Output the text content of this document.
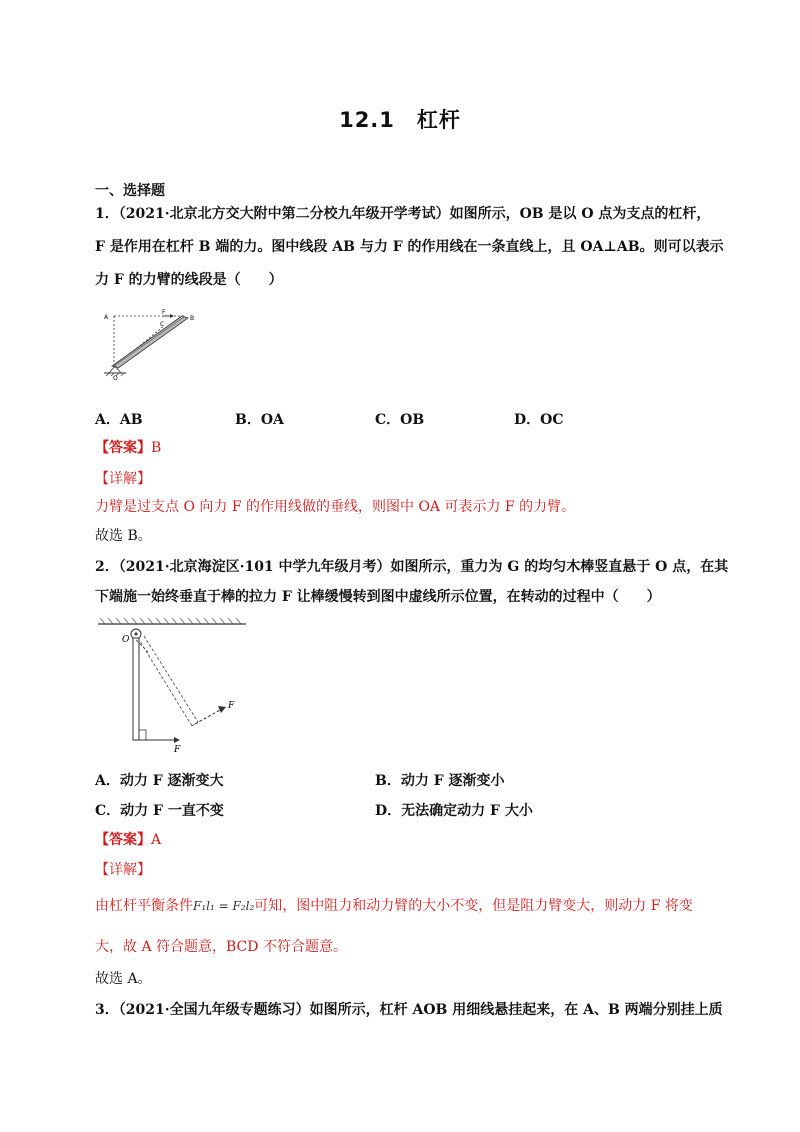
12.1 杠杆
一、选择题
1．（2021·北京北方交大附中第二分校九年级开学考试）如图所示，OB 是以 O 点为支点的杠杆，
F 是作用在杠杆 B 端的力。图中线段 AB 与力 F 的作用线在一条直线上，且 OA⊥AB。则可以表示
力 F 的力臂的线段是（　　）
A
F
C
B
O
A．AB	B．OA	C．OB	D．OC
【答案】B
【详解】
力臂是过支点 O 向力 F 的作用线做的垂线，则图中 OA 可表示力 F 的力臂。
故选 B。
2．（2021·北京海淀区·101 中学九年级月考）如图所示，重力为 G 的均匀木棒竖直悬于 O 点，在其
下端施一始终垂直于棒的拉力 F 让棒缓慢转到图中虚线所示位置，在转动的过程中（　　）
O
F
F
A．动力 F 逐渐变大	B．动力 F 逐渐变小
C．动力 F 一直不变	D．无法确定动力 F 大小
【答案】A
【详解】
由杠杆平衡条件F₁l₁ = F₂l₂可知，图中阻力和动力臂的大小不变，但是阻力臂变大，则动力 F 将变
大，故 A 符合题意，BCD 不符合题意。
故选 A。
3．（2021·全国九年级专题练习）如图所示，杠杆 AOB 用细线悬挂起来，在 A、B 两端分别挂上质
